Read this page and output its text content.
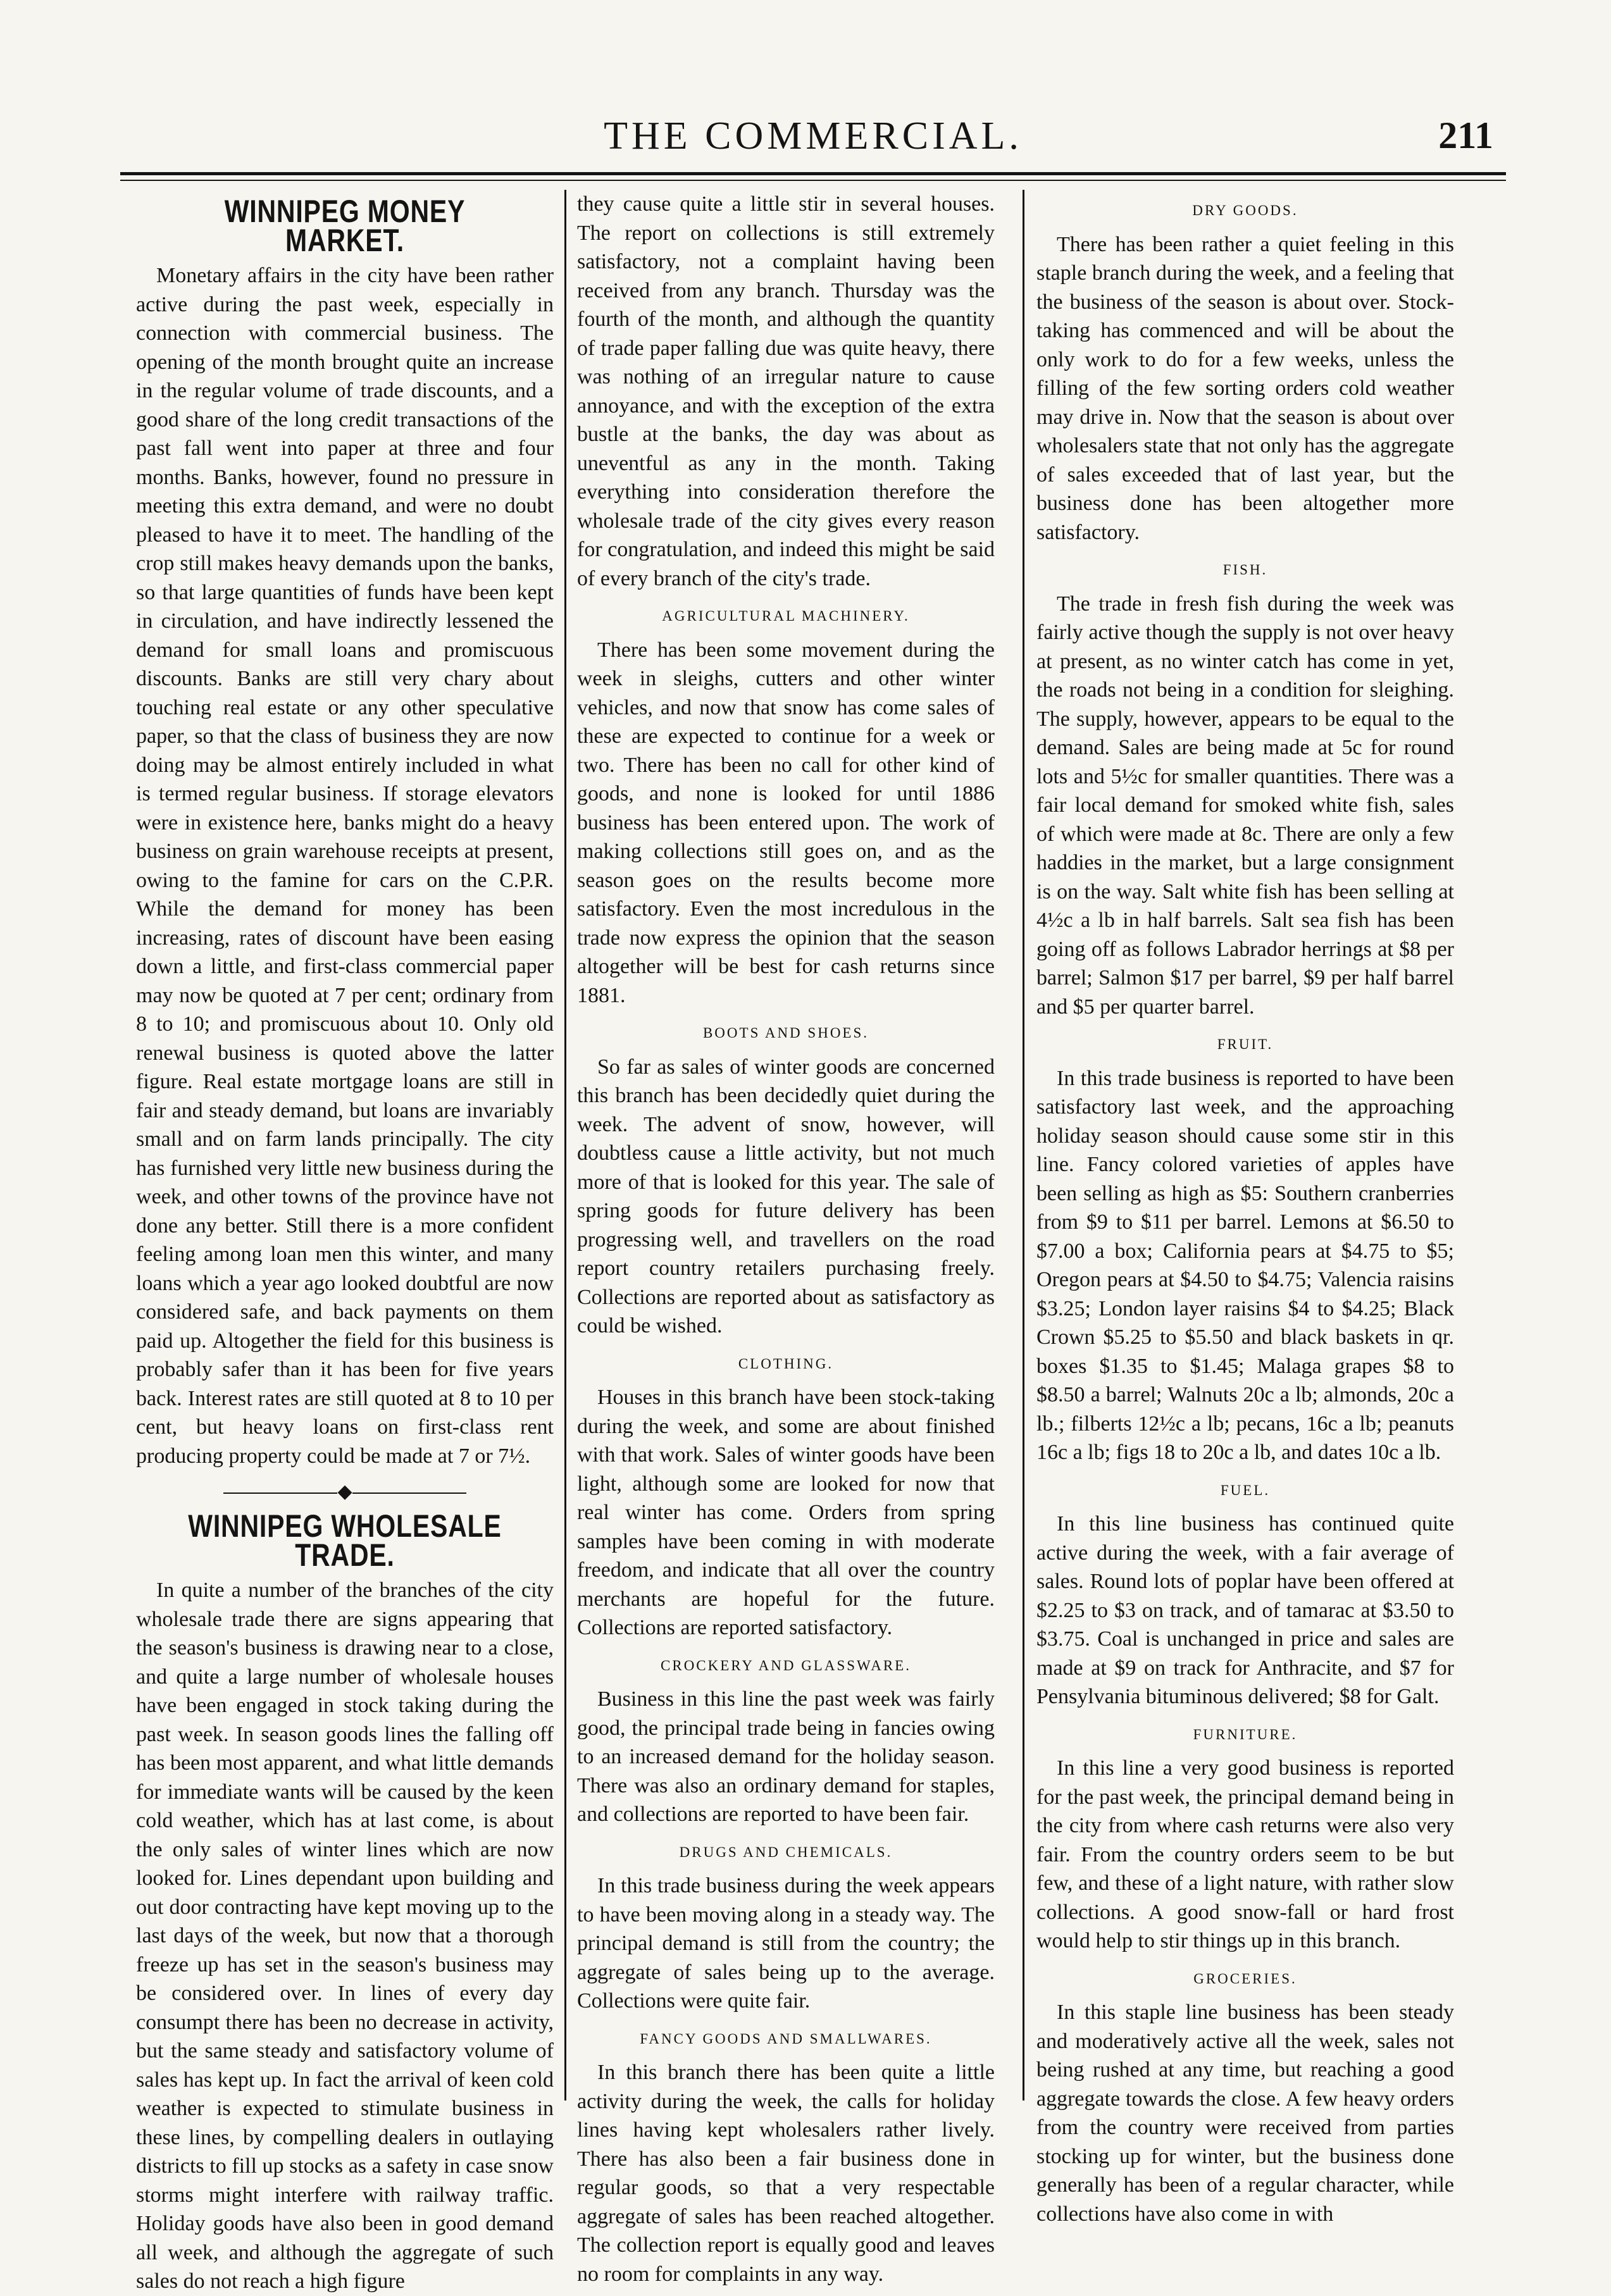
THE COMMERCIAL.	211
WINNIPEG MONEY MARKET.

Monetary affairs in the city have been rather active during the past week, especially in connection with commercial business. The opening of the month brought quite an increase in the regular volume of trade discounts, and a good share of the long credit transactions of the past fall went into paper at three and four months. Banks, however, found no pressure in meeting this extra demand, and were no doubt pleased to have it to meet. The handling of the crop still makes heavy demands upon the banks, so that large quantities of funds have been kept in circulation, and have indirectly lessened the demand for small loans and promiscuous discounts. Banks are still very chary about touching real estate or any other speculative paper, so that the class of business they are now doing may be almost entirely included in what is termed regular business. If storage elevators were in existence here, banks might do a heavy business on grain warehouse receipts at present, owing to the famine for cars on the C.P.R. While the demand for money has been increasing, rates of discount have been easing down a little, and first-class commercial paper may now be quoted at 7 per cent; ordinary from 8 to 10; and promiscuous about 10. Only old renewal business is quoted above the latter figure. Real estate mortgage loans are still in fair and steady demand, but loans are invariably small and on farm lands principally. The city has furnished very little new business during the week, and other towns of the province have not done any better. Still there is a more confident feeling among loan men this winter, and many loans which a year ago looked doubtful are now considered safe, and back payments on them paid up. Altogether the field for this business is probably safer than it has been for five years back. Interest rates are still quoted at 8 to 10 per cent, but heavy loans on first-class rent producing property could be made at 7 or 7½.

◆
WINNIPEG WHOLESALE TRADE.

In quite a number of the branches of the city wholesale trade there are signs appearing that the season's business is drawing near to a close, and quite a large number of wholesale houses have been engaged in stock taking during the past week. In season goods lines the falling off has been most apparent, and what little demands for immediate wants will be caused by the keen cold weather, which has at last come, is about the only sales of winter lines which are now looked for. Lines dependant upon building and out door contracting have kept moving up to the last days of the week, but now that a thorough freeze up has set in the season's business may be considered over. In lines of every day consumpt there has been no decrease in activity, but the same steady and satisfactory volume of sales has kept up. In fact the arrival of keen cold weather is expected to stimulate business in these lines, by compelling dealers in outlaying districts to fill up stocks as a safety in case snow storms might interfere with railway traffic. Holiday goods have also been in good demand all week, and although the aggregate of such sales do not reach a high figure

they cause quite a little stir in several houses. The report on collections is still extremely satisfactory, not a complaint having been received from any branch. Thursday was the fourth of the month, and although the quantity of trade paper falling due was quite heavy, there was nothing of an irregular nature to cause annoyance, and with the exception of the extra bustle at the banks, the day was about as uneventful as any in the month. Taking everything into consideration therefore the wholesale trade of the city gives every reason for congratulation, and indeed this might be said of every branch of the city's trade.

AGRICULTURAL MACHINERY.

There has been some movement during the week in sleighs, cutters and other winter vehicles, and now that snow has come sales of these are expected to continue for a week or two. There has been no call for other kind of goods, and none is looked for until 1886 business has been entered upon. The work of making collections still goes on, and as the season goes on the results become more satisfactory. Even the most incredulous in the trade now express the opinion that the season altogether will be best for cash returns since 1881.

BOOTS AND SHOES.

So far as sales of winter goods are concerned this branch has been decidedly quiet during the week. The advent of snow, however, will doubtless cause a little activity, but not much more of that is looked for this year. The sale of spring goods for future delivery has been progressing well, and travellers on the road report country retailers purchasing freely. Collections are reported about as satisfactory as could be wished.

CLOTHING.

Houses in this branch have been stock-taking during the week, and some are about finished with that work. Sales of winter goods have been light, although some are looked for now that real winter has come. Orders from spring samples have been coming in with moderate freedom, and indicate that all over the country merchants are hopeful for the future. Collections are reported satisfactory.

CROCKERY AND GLASSWARE.

Business in this line the past week was fairly good, the principal trade being in fancies owing to an increased demand for the holiday season. There was also an ordinary demand for staples, and collections are reported to have been fair.

DRUGS AND CHEMICALS.

In this trade business during the week appears to have been moving along in a steady way. The principal demand is still from the country; the aggregate of sales being up to the average. Collections were quite fair.

FANCY GOODS AND SMALLWARES.

In this branch there has been quite a little activity during the week, the calls for holiday lines having kept wholesalers rather lively. There has also been a fair business done in regular goods, so that a very respectable aggregate of sales has been reached altogether. The collection report is equally good and leaves no room for complaints in any way.

DRY GOODS.

There has been rather a quiet feeling in this staple branch during the week, and a feeling that the business of the season is about over. Stock-taking has commenced and will be about the only work to do for a few weeks, unless the filling of the few sorting orders cold weather may drive in. Now that the season is about over wholesalers state that not only has the aggregate of sales exceeded that of last year, but the business done has been altogether more satisfactory.

FISH.

The trade in fresh fish during the week was fairly active though the supply is not over heavy at present, as no winter catch has come in yet, the roads not being in a condition for sleighing. The supply, however, appears to be equal to the demand. Sales are being made at 5c for round lots and 5½c for smaller quantities. There was a fair local demand for smoked white fish, sales of which were made at 8c. There are only a few haddies in the market, but a large consignment is on the way. Salt white fish has been selling at 4½c a lb in half barrels. Salt sea fish has been going off as follows Labrador herrings at $8 per barrel; Salmon $17 per barrel, $9 per half barrel and $5 per quarter barrel.

FRUIT.

In this trade business is reported to have been satisfactory last week, and the approaching holiday season should cause some stir in this line. Fancy colored varieties of apples have been selling as high as $5: Southern cranberries from $9 to $11 per barrel. Lemons at $6.50 to $7.00 a box; California pears at $4.75 to $5; Oregon pears at $4.50 to $4.75; Valencia raisins $3.25; London layer raisins $4 to $4.25; Black Crown $5.25 to $5.50 and black baskets in qr. boxes $1.35 to $1.45; Malaga grapes $8 to $8.50 a barrel; Walnuts 20c a lb; almonds, 20c a lb.; filberts 12½c a lb; pecans, 16c a lb; peanuts 16c a lb; figs 18 to 20c a lb, and dates 10c a lb.

FUEL.

In this line business has continued quite active during the week, with a fair average of sales. Round lots of poplar have been offered at $2.25 to $3 on track, and of tamarac at $3.50 to $3.75. Coal is unchanged in price and sales are made at $9 on track for Anthracite, and $7 for Pensylvania bituminous delivered; $8 for Galt.

FURNITURE.

In this line a very good business is reported for the past week, the principal demand being in the city from where cash returns were also very fair. From the country orders seem to be but few, and these of a light nature, with rather slow collections. A good snow-fall or hard frost would help to stir things up in this branch.

GROCERIES.

In this staple line business has been steady and moderatively active all the week, sales not being rushed at any time, but reaching a good aggregate towards the close. A few heavy orders from the country were received from parties stocking up for winter, but the business done generally has been of a regular character, while collections have also come in with
